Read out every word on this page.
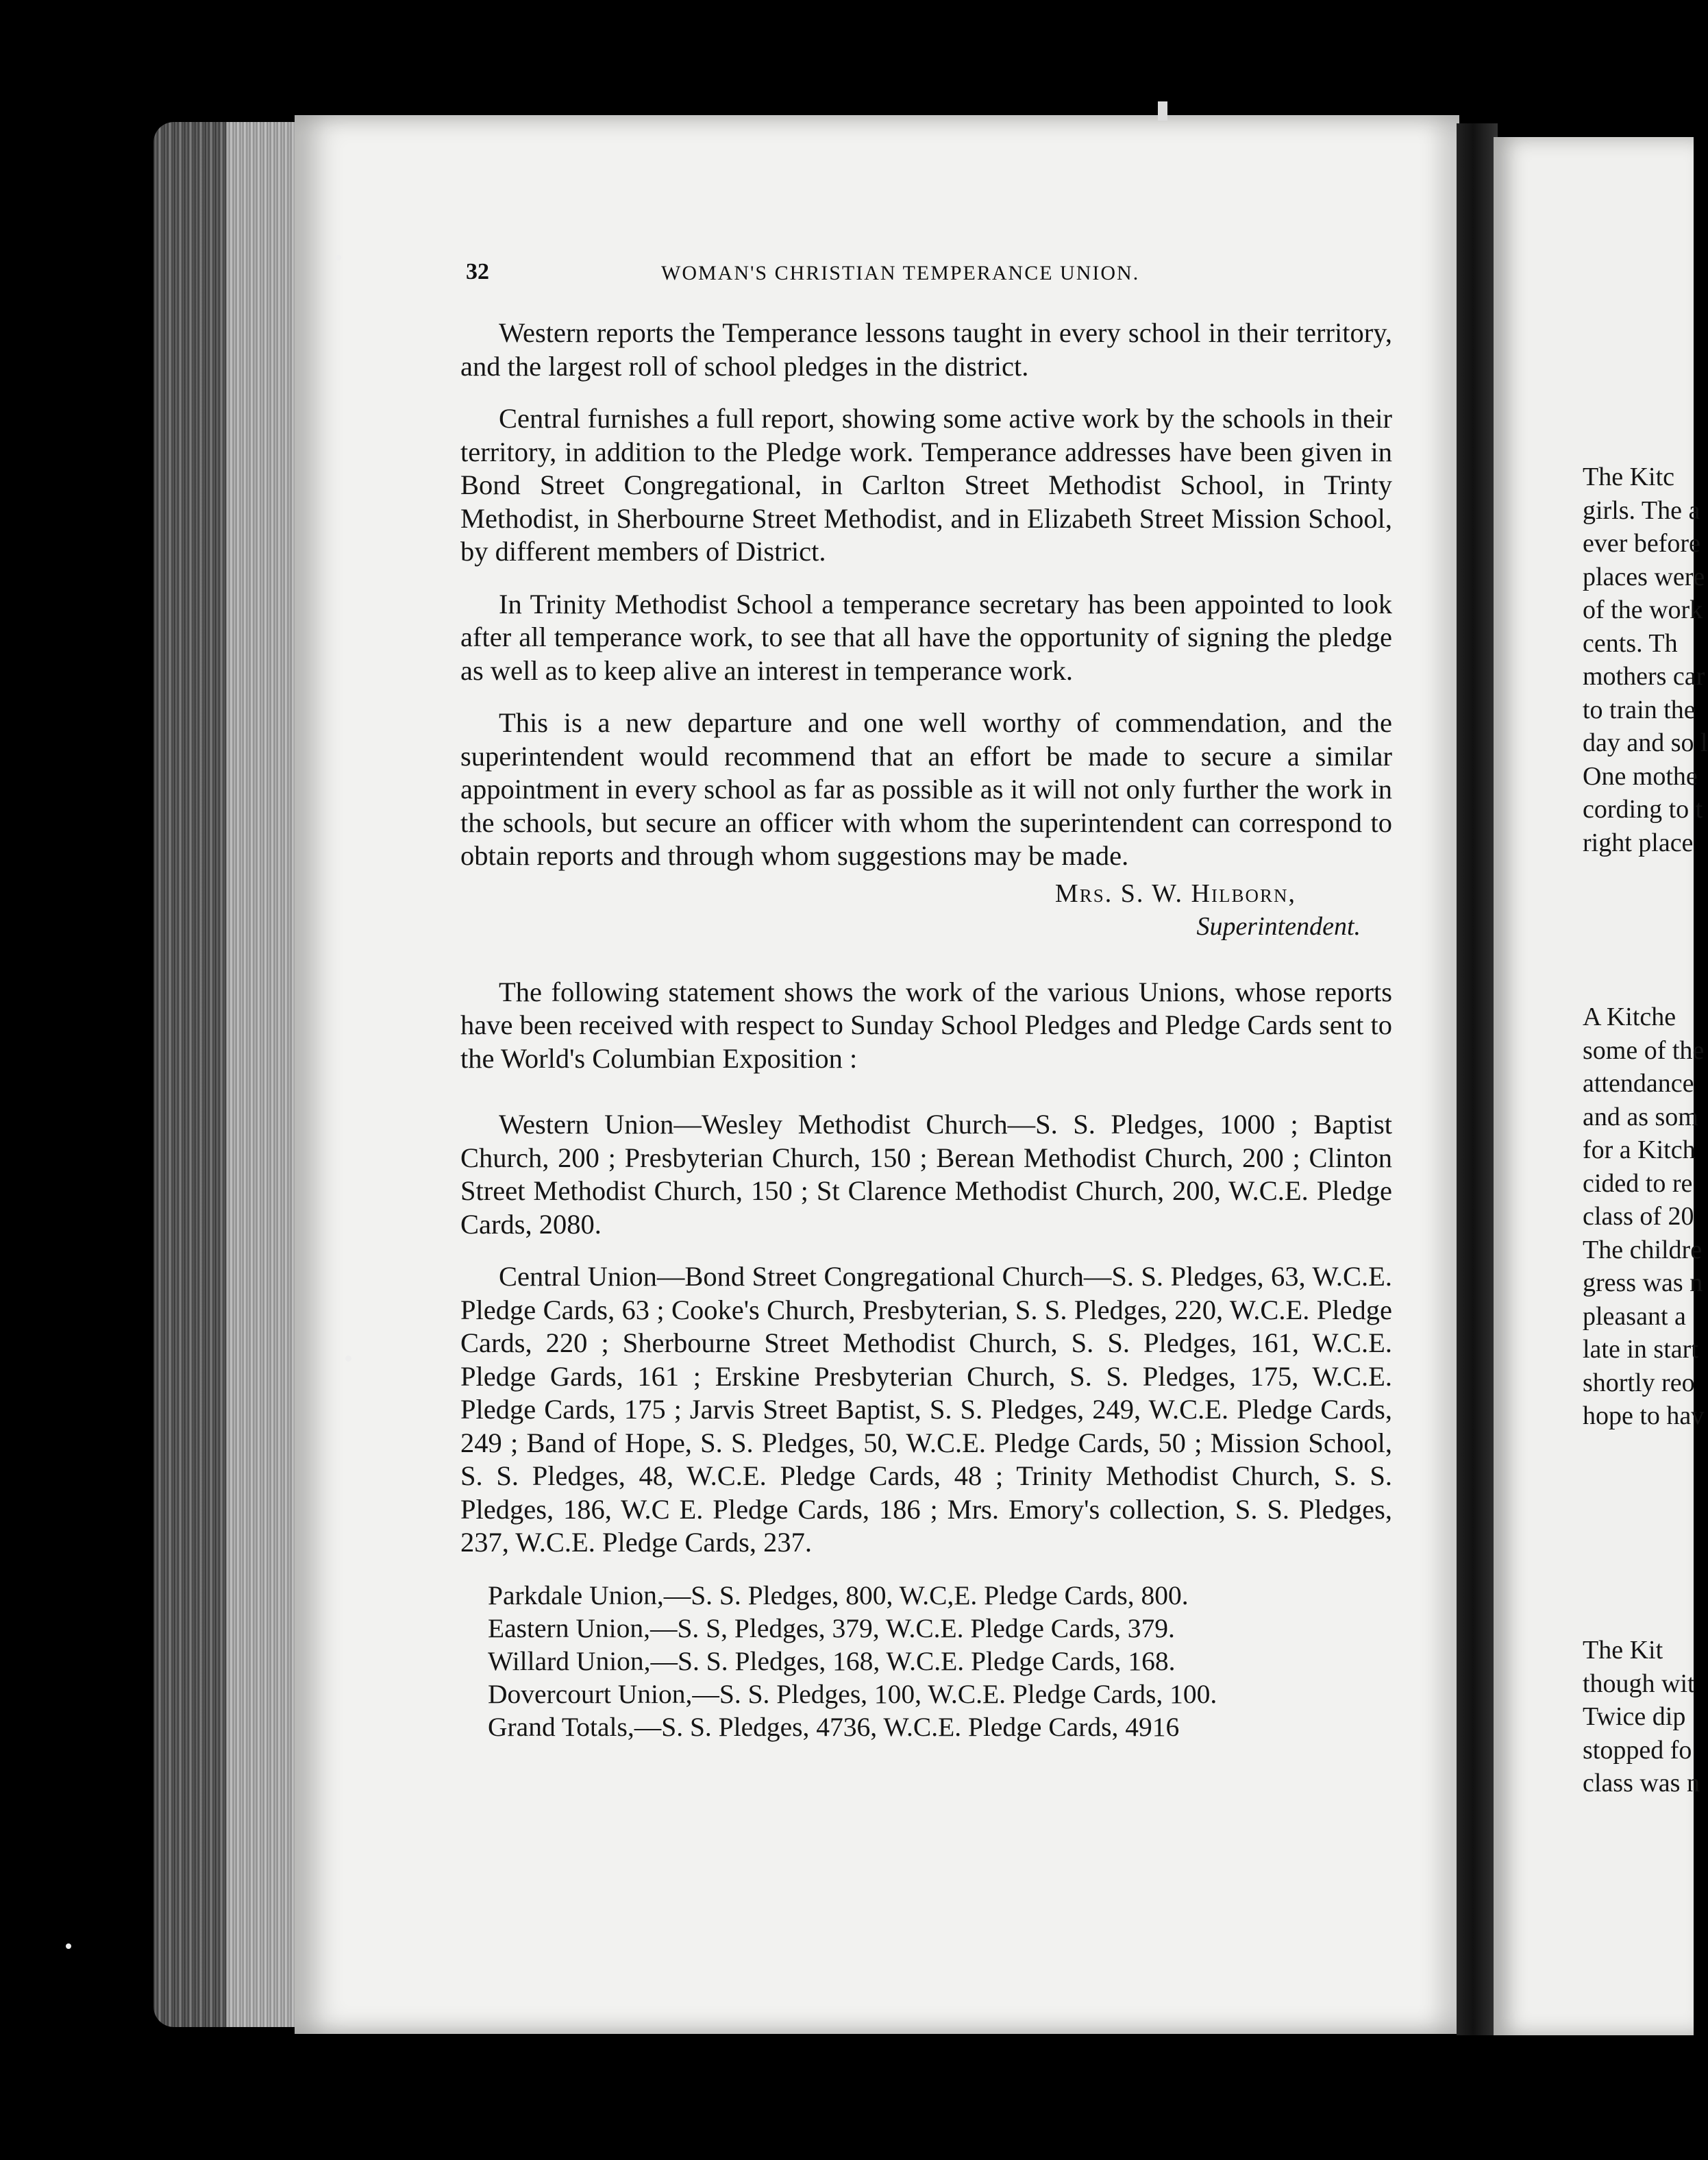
32	WOMAN'S CHRISTIAN TEMPERANCE UNION.

Western reports the Temperance lessons taught in every school in their territory, and the largest roll of school pledges in the district.

Central furnishes a full report, showing some active work by the schools in their territory, in addition to the Pledge work. Temperance addresses have been given in Bond Street Congregational, in Carlton Street Methodist School, in Trinty Methodist, in Sherbourne Street Methodist, and in Elizabeth Street Mission School, by different members of District.

In Trinity Methodist School a temperance secretary has been appointed to look after all temperance work, to see that all have the opportunity of signing the pledge as well as to keep alive an interest in temperance work.

This is a new departure and one well worthy of commendation, and the superintendent would recommend that an effort be made to secure a similar appointment in every school as far as possible as it will not only further the work in the schools, but secure an officer with whom the superintendent can correspond to obtain reports and through whom suggestions may be made.

Mrs. S. W. Hilborn,
Superintendent.

The following statement shows the work of the various Unions, whose reports have been received with respect to Sunday School Pledges and Pledge Cards sent to the World's Columbian Exposition :

Western Union—Wesley Methodist Church—S. S. Pledges, 1000 ; Baptist Church, 200 ; Presbyterian Church, 150 ; Berean Methodist Church, 200 ; Clinton Street Methodist Church, 150 ; St Clarence Methodist Church, 200, W.C.E. Pledge Cards, 2080.

Central Union—Bond Street Congregational Church—S. S. Pledges, 63, W.C.E. Pledge Cards, 63 ; Cooke's Church, Presbyterian, S. S. Pledges, 220, W.C.E. Pledge Cards, 220 ; Sherbourne Street Methodist Church, S. S. Pledges, 161, W.C.E. Pledge Gards, 161 ; Erskine Presbyterian Church, S. S. Pledges, 175, W.C.E. Pledge Cards, 175 ; Jarvis Street Baptist, S. S. Pledges, 249, W.C.E. Pledge Cards, 249 ; Band of Hope, S. S. Pledges, 50, W.C.E. Pledge Cards, 50 ; Mission School, S. S. Pledges, 48, W.C.E. Pledge Cards, 48 ; Trinity Methodist Church, S. S. Pledges, 186, W.C E. Pledge Cards, 186 ; Mrs. Emory's collection, S. S. Pledges, 237, W.C.E. Pledge Cards, 237.

Parkdale Union,—S. S. Pledges, 800, W.C,E. Pledge Cards, 800.
Eastern Union,—S. S, Pledges, 379, W.C.E. Pledge Cards, 379.
Willard Union,—S. S. Pledges, 168, W.C.E. Pledge Cards, 168.
Dovercourt Union,—S. S. Pledges, 100, W.C.E. Pledge Cards, 100.
Grand Totals,—S. S. Pledges, 4736, W.C.E. Pledge Cards, 4916
The Kitc
girls. The a
ever before
places were
of the work
cents. Th
mothers car
to train the
day and so l
One mothe
cording to t
right place
A Kitche
some of the
attendance
and as som
for a Kitch
cided to re
class of 20
The childre
gress was n
pleasant a
late in start
shortly reo
hope to hav
The Kit
though wit
Twice dip
stopped fo
class was n
